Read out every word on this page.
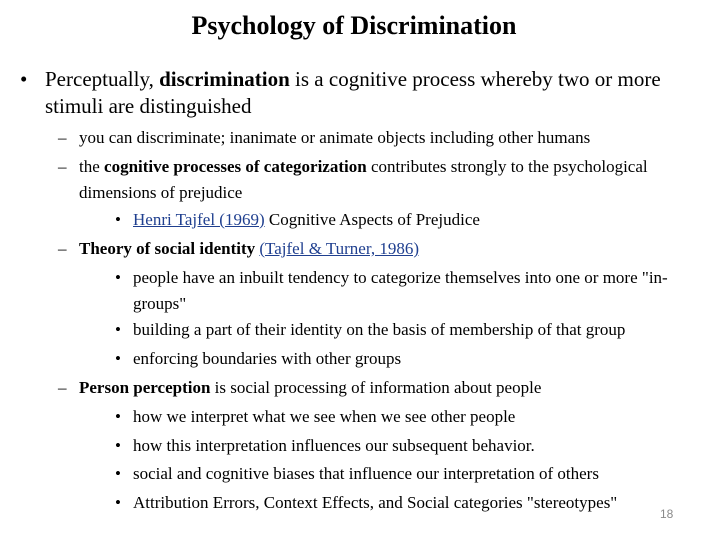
Psychology of Discrimination
• Perceptually, discrimination is a cognitive process whereby two or more stimuli are distinguished
– you can discriminate; inanimate or animate objects including other humans
– the cognitive processes of categorization contributes strongly to the psychological dimensions of prejudice
• Henri Tajfel (1969) Cognitive Aspects of Prejudice
– Theory of social identity (Tajfel & Turner, 1986)
• people have an inbuilt tendency to categorize themselves into one or more "in-groups"
• building a part of their identity on the basis of membership of that group
• enforcing boundaries with other groups
– Person perception is social processing of information about people
• how we interpret what we see when we see other people
• how this interpretation influences our subsequent behavior.
• social and cognitive biases that influence our interpretation of others
• Attribution Errors, Context Effects, and Social categories "stereotypes"
18
